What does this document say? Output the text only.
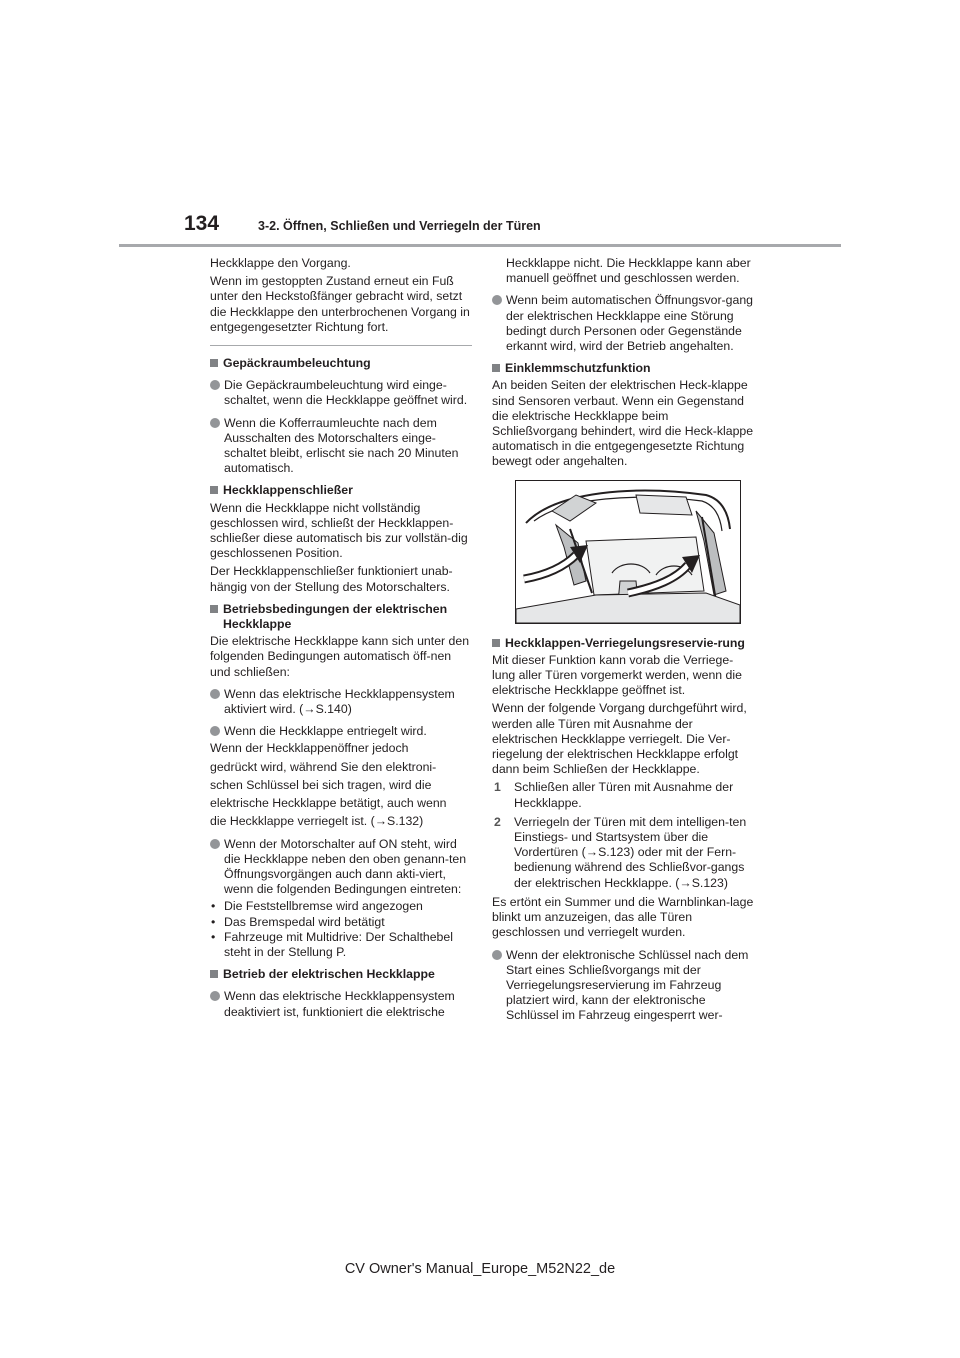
134	3-2. Öffnen, Schließen und Verriegeln der Türen

Heckklappe den Vorgang.

Wenn im gestoppten Zustand erneut ein Fuß unter den Heckstoßfänger gebracht wird, setzt die Heckklappe den unterbrochenen Vorgang in entgegengesetzter Richtung fort.

Gepäckraumbeleuchtung
Die Gepäckraumbeleuchtung wird einge-schaltet, wenn die Heckklappe geöffnet wird.
Wenn die Kofferraumleuchte nach dem Ausschalten des Motorschalters einge-schaltet bleibt, erlischt sie nach 20 Minuten automatisch.
Heckklappenschließer

Wenn die Heckklappe nicht vollständig geschlossen wird, schließt der Heckklappen-schließer diese automatisch bis zur vollstän-dig geschlossenen Position.

Der Heckklappenschließer funktioniert unab-hängig von der Stellung des Motorschalters.

Betriebsbedingungen der elektrischen Heckklappe

Die elektrische Heckklappe kann sich unter den folgenden Bedingungen automatisch öff-nen und schließen:

Wenn das elektrische Heckklappensystem aktiviert wird. (→S.140)
Wenn die Heckklappe entriegelt wird.

Wenn der Heckklappenöffner jedoch

gedrückt wird, während Sie den elektroni-

schen Schlüssel bei sich tragen, wird die

elektrische Heckklappe betätigt, auch wenn

die Heckklappe verriegelt ist. (→S.132)

Wenn der Motorschalter auf ON steht, wird die Heckklappe neben den oben genann-ten Öffnungsvorgängen auch dann akti-viert, wenn die folgenden Bedingungen eintreten:
• Die Feststellbremse wird angezogen
• Das Bremspedal wird betätigt
• Fahrzeuge mit Multidrive: Der Schalthebel steht in der Stellung P.
Betrieb der elektrischen Heckklappe
Wenn das elektrische Heckklappensystem deaktiviert ist, funktioniert die elektrische

Heckklappe nicht. Die Heckklappe kann aber manuell geöffnet und geschlossen werden.

Wenn beim automatischen Öffnungsvor-gang der elektrischen Heckklappe eine Störung bedingt durch Personen oder Gegenstände erkannt wird, wird der Betrieb angehalten.
Einklemmschutzfunktion

An beiden Seiten der elektrischen Heck-klappe sind Sensoren verbaut. Wenn ein Gegenstand die elektrische Heckklappe beim Schließvorgang behindert, wird die Heck-klappe automatisch in die entgegengesetzte Richtung bewegt oder angehalten.

Heckklappen-Verriegelungsreservie-rung

Mit dieser Funktion kann vorab die Verriege-lung aller Türen vorgemerkt werden, wenn die elektrische Heckklappe geöffnet ist.

Wenn der folgende Vorgang durchgeführt wird, werden alle Türen mit Ausnahme der elektrischen Heckklappe verriegelt. Die Ver-riegelung der elektrischen Heckklappe erfolgt dann beim Schließen der Heckklappe.

1 Schließen aller Türen mit Ausnahme der Heckklappe.
2 Verriegeln der Türen mit dem intelligen-ten Einstiegs- und Startsystem über die Vordertüren (→S.123) oder mit der Fern-bedienung während des Schließvor-gangs der elektrischen Heckklappe. (→S.123)

Es ertönt ein Summer und die Warnblinkan-lage blinkt um anzuzeigen, das alle Türen geschlossen und verriegelt wurden.

Wenn der elektronische Schlüssel nach dem Start eines Schließvorgangs mit der Verriegelungsreservierung im Fahrzeug platziert wird, kann der elektronische Schlüssel im Fahrzeug eingesperrt wer-
CV Owner's Manual_Europe_M52N22_de
